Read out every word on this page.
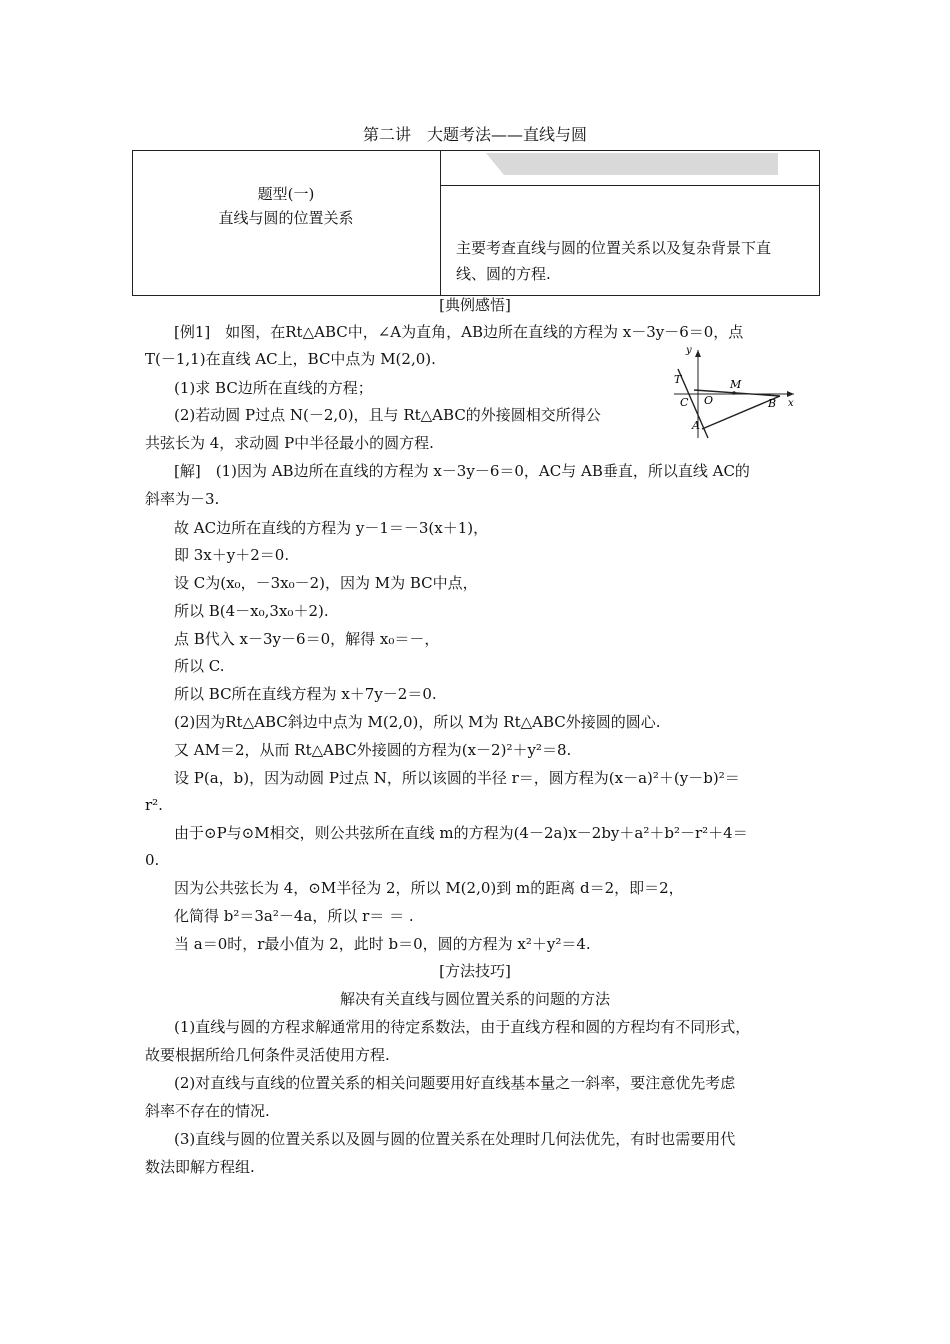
第二讲　大题考法——直线与圆
题型(一)
直线与圆的位置关系
主要考查直线与圆的位置关系以及复杂背景下直
线、圆的方程.
[典例感悟]
[例1]　如图，在Rt△ABC中，∠A为直角，AB边所在直线的方程为 x－3y－6＝0，点
T(－1,1)在直线 AC上，BC中点为 M(2,0).
(1)求 BC边所在直线的方程；
(2)若动圆 P过点 N(－2,0)，且与 Rt△ABC的外接圆相交所得公
共弦长为 4，求动圆 P中半径最小的圆方程.
y
x
T	M
C O	B
A
[解]　(1)因为 AB边所在直线的方程为 x－3y－6＝0，AC与 AB垂直，所以直线 AC的
斜率为－3.
故 AC边所在直线的方程为 y－1＝－3(x＋1)，
即 3x＋y＋2＝0.
设 C为(x₀，－3x₀－2)，因为 M为 BC中点，
所以 B(4－x₀,3x₀＋2).
点 B代入 x－3y－6＝0，解得 x₀＝－，
所以 C.
所以 BC所在直线方程为 x＋7y－2＝0.
(2)因为Rt△ABC斜边中点为 M(2,0)，所以 M为 Rt△ABC外接圆的圆心.
又 AM＝2，从而 Rt△ABC外接圆的方程为(x－2)²＋y²＝8.
设 P(a，b)，因为动圆 P过点 N，所以该圆的半径 r＝，圆方程为(x－a)²＋(y－b)²＝
r².
由于⊙P与⊙M相交，则公共弦所在直线 m的方程为(4－2a)x－2by＋a²＋b²－r²＋4＝
0.
因为公共弦长为 4，⊙M半径为 2，所以 M(2,0)到 m的距离 d＝2，即＝2，
化简得 b²＝3a²－4a，所以 r＝ ＝ .
当 a＝0时，r最小值为 2，此时 b＝0，圆的方程为 x²＋y²＝4.
[方法技巧]
解决有关直线与圆位置关系的问题的方法
(1)直线与圆的方程求解通常用的待定系数法，由于直线方程和圆的方程均有不同形式，
故要根据所给几何条件灵活使用方程.
(2)对直线与直线的位置关系的相关问题要用好直线基本量之一斜率，要注意优先考虑
斜率不存在的情况.
(3)直线与圆的位置关系以及圆与圆的位置关系在处理时几何法优先，有时也需要用代
数法即解方程组.
